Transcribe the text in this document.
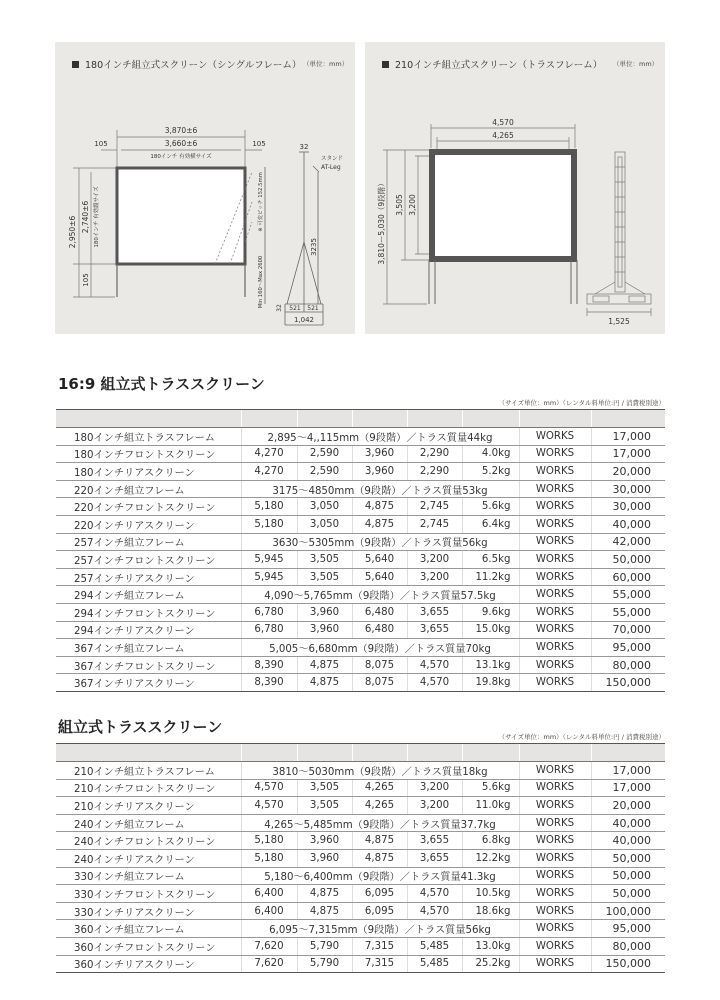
180インチ組立式スクリーン（シングルフレーム） （単位：mm）
3,870±6
3,660±6
105	105
180インチ 有効横サイズ
2,950±6 2,740±6 180インチ 有効縦サイズ
105
32
スタンド
AT-Leg
※ 可変ピッチ 152.5mm
Min 160～Max 2600
3235
32 521 521
1,042
210インチ組立式スクリーン（トラスフレーム） （単位：mm）
4,570
4,265
3,810ー5,030（9段階） 3,505 3,200
1,525
16:9 組立式トラススクリーン
（サイズ単位：mm）（レンタル料単位:円 / 消費税別途）

180インチ組立トラスフレーム	2,895～4,,115mm（9段階）／トラス質量44kg					WORKS	17,000
180インチフロントスクリーン	4,270	2,590	3,960	2,290	4.0kg	WORKS	17,000
180インチリアスクリーン	4,270	2,590	3,960	2,290	5.2kg	WORKS	20,000
220インチ組立フレーム	3175～4850mm（9段階）／トラス質量53kg					WORKS	30,000
220インチフロントスクリーン	5,180	3,050	4,875	2,745	5.6kg	WORKS	30,000
220インチリアスクリーン	5,180	3,050	4,875	2,745	6.4kg	WORKS	40,000
257インチ組立フレーム	3630～5305mm（9段階）／トラス質量56kg					WORKS	42,000
257インチフロントスクリーン	5,945	3,505	5,640	3,200	6.5kg	WORKS	50,000
257インチリアスクリーン	5,945	3,505	5,640	3,200	11.2kg	WORKS	60,000
294インチ組立フレーム	4,090～5,765mm（9段階）／トラス質量57.5kg					WORKS	55,000
294インチフロントスクリーン	6,780	3,960	6,480	3,655	9.6kg	WORKS	55,000
294インチリアスクリーン	6,780	3,960	6,480	3,655	15.0kg	WORKS	70,000
367インチ組立フレーム	5,005～6,680mm（9段階）／トラス質量70kg					WORKS	95,000
367インチフロントスクリーン	8,390	4,875	8,075	4,570	13.1kg	WORKS	80,000
367インチリアスクリーン	8,390	4,875	8,075	4,570	19.8kg	WORKS	150,000
組立式トラススクリーン
（サイズ単位：mm）（レンタル料単位:円 / 消費税別途）

210インチ組立トラスフレーム	3810～5030mm（9段階）／トラス質量18kg					WORKS	17,000
210インチフロントスクリーン	4,570	3,505	4,265	3,200	5.6kg	WORKS	17,000
210インチリアスクリーン	4,570	3,505	4,265	3,200	11.0kg	WORKS	20,000
240インチ組立フレーム	4,265～5,485mm（9段階）／トラス質量37.7kg					WORKS	40,000
240インチフロントスクリーン	5,180	3,960	4,875	3,655	6.8kg	WORKS	40,000
240インチリアスクリーン	5,180	3,960	4,875	3,655	12.2kg	WORKS	50,000
330インチ組立フレーム	5,180～6,400mm（9段階）／トラス質量41.3kg					WORKS	50,000
330インチフロントスクリーン	6,400	4,875	6,095	4,570	10.5kg	WORKS	50,000
330インチリアスクリーン	6,400	4,875	6,095	4,570	18.6kg	WORKS	100,000
360インチ組立フレーム	6,095～7,315mm（9段階）／トラス質量56kg					WORKS	95,000
360インチフロントスクリーン	7,620	5,790	7,315	5,485	13.0kg	WORKS	80,000
360インチリアスクリーン	7,620	5,790	7,315	5,485	25.2kg	WORKS	150,000
